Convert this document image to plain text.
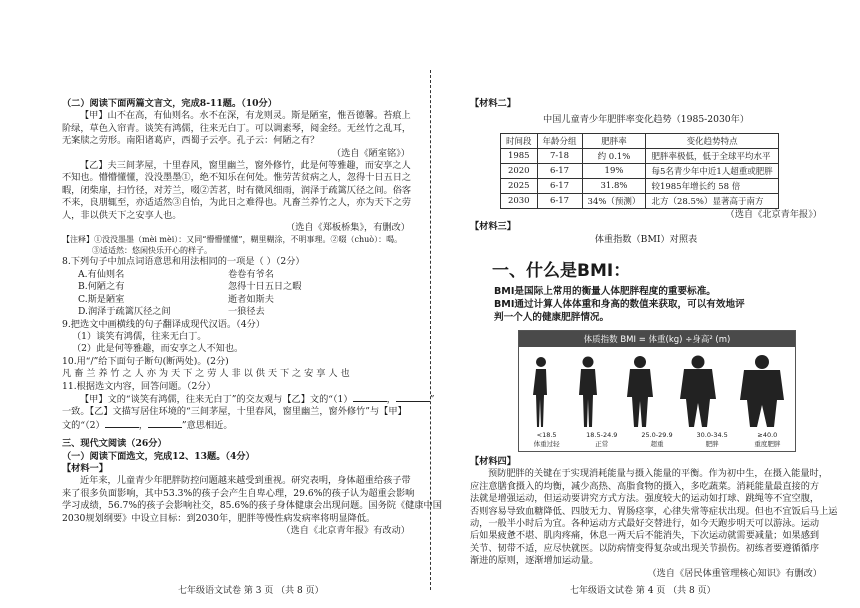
（二）阅读下面两篇文言文，完成8-11题。（10分）
【甲】山不在高，有仙则名。水不在深，有龙则灵。斯是陋室，惟吾德馨。苔痕上
阶绿，草色入帘青。谈笑有鸿儒，往来无白丁。可以调素琴，阅金经。无丝竹之乱耳，
无案牍之劳形。南阳诸葛庐，西蜀子云亭。孔子云：何陋之有？
（选自《陋室铭》）
【乙】夫三间茅屋，十里春风，窗里幽兰，窗外修竹，此是何等雅趣，而安享之人
不知也。懵懵懂懂，没没墨墨①，绝不知乐在何处。惟劳苦贫病之人，忽得十日五日之
暇，闭柴扉，扫竹径，对芳兰，啜②苦茗，时有微风细雨，润泽于疏篱仄径之间。俗客
不来，良朋辄至，亦适适然③自怡，为此日之难得也。凡畜兰养竹之人，亦为天下之劳
人，非以供天下之安享人也。
（选自《郑板桥集》，有删改）
【注释】①没没墨墨（mèi mèi）：又同“懵懵懂懂”，糊里糊涂，不明事理。②啜（chuò）：喝。
③适适然：悠闲快乐开心的样子。
8.下列句子中加点词语意思和用法相同的一项是（ ）（2分）
A.有仙则名	卷卷有爷名
B.何陋之有	忽得十日五日之暇
C.斯是陋室	逝者如斯夫
D.润泽于疏篱仄径之间	一狼径去
9.把选文中画横线的句子翻译成现代汉语。（4分）
（1）谈笑有鸿儒，往来无白丁。
（2）此是何等雅趣，而安享之人不知也。
10.用“/”给下面句子断句(断两处)。(2分)
凡 畜 兰 养 竹 之 人 亦 为 天 下 之 劳 人 非 以 供 天 下 之 安 享 人 也
11.根据选文内容，回答问题。（2分）
【甲】文的“谈笑有鸿儒，往来无白丁”的交友观与【乙】文的“（1）	，	”
一致。【乙】文描写居住环境的“三间茅屋，十里春风，窗里幽兰，窗外修竹”与【甲】
文的“（2）	，	”意思相近。
三、现代文阅读（26分）
（一）阅读下面选文，完成12、13题。（4分）
【材料一】
近年来，儿童青少年肥胖防控问题越来越受到重视。研究表明，身体超重给孩子带
来了很多负面影响，其中53.3%的孩子会产生自卑心理，29.6%的孩子认为超重会影响
学习成绩，56.7%的孩子会影响社交，85.6%的孩子身体健康会出现问题。国务院《健康中国
2030规划纲要》中设立目标：到2030年，肥胖等慢性病发病率将明显降低。
（选自《北京青年报》有改动）
七年级语文试卷 第 3 页 （共 8 页）
【材料二】
中国儿童青少年肥胖率变化趋势（1985-2030年）
时间段	年龄分组	肥胖率	变化趋势特点
1985	7-18	约 0.1%	肥胖率极低，低于全球平均水平
2020	6-17	19%	每5名青少年中近1人超重或肥胖
2025	6-17	31.8%	较1985年增长约 58 倍
2030	6-17	34%（预测）	北方（28.5%）显著高于南方
（选自《北京青年报》）
【材料三】
体重指数（BMI）对照表
一、什么是BMI：
BMI是国际上常用的衡量人体肥胖程度的重要标准。
BMI通过计算人体体重和身高的数值来获取，可以有效地评
判一个人的健康肥胖情况。
体质指数 BMI = 体重(kg) ÷身高² (m)
<18.5
体重过轻
18.5-24.9
正常
25.0-29.9
超重
30.0-34.5
肥胖
≥40.0
重度肥胖
【材料四】
预防肥胖的关键在于实现消耗能量与摄入能量的平衡。作为初中生，在摄入能量时，
应注意膳食摄入的均衡，减少高热、高脂食物的摄入，多吃蔬菜。消耗能量最直接的方
法就是增强运动，但运动要讲究方式方法。强度较大的运动如打球、跳绳等不宜空腹，
否则容易导致血糖降低、四肢无力、胃肠痉挛，心律失常等症状出现。但也不宜饭后马上运
动，一般半小时后为宜。各种运动方式最好交替进行，如今天跑步明天可以游泳。运动
后如果疲惫不堪、肌肉疼痛，休息一两天后不能消失，下次运动就需要减量；如果感到
关节、韧带不适，应尽快就医。以防病情变得复杂或出现关节损伤。初练者要遵循循序
渐进的原则，逐渐增加运动量。
（选自《居民体重管理核心知识》有删改）
七年级语文试卷 第 4 页 （共 8 页）
